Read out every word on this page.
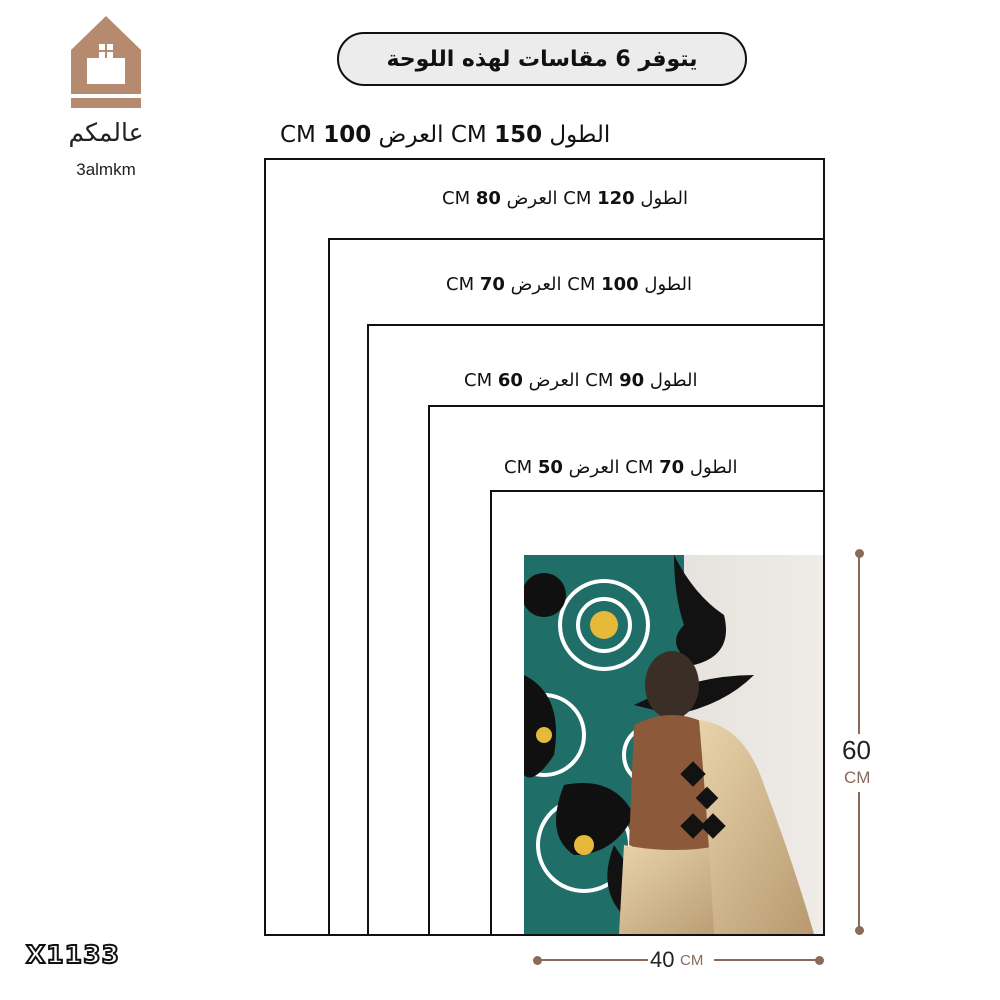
عالمكم
3almkm
يتوفر 6 مقاسات لهذه اللوحة
الطول 150 CM العرض 100 CM
الطول 120 CM العرض 80 CM
الطول 100 CM العرض 70 CM
الطول 90 CM العرض 60 CM
الطول 70 CM العرض 50 CM
60
CM
40 CM
X1133
